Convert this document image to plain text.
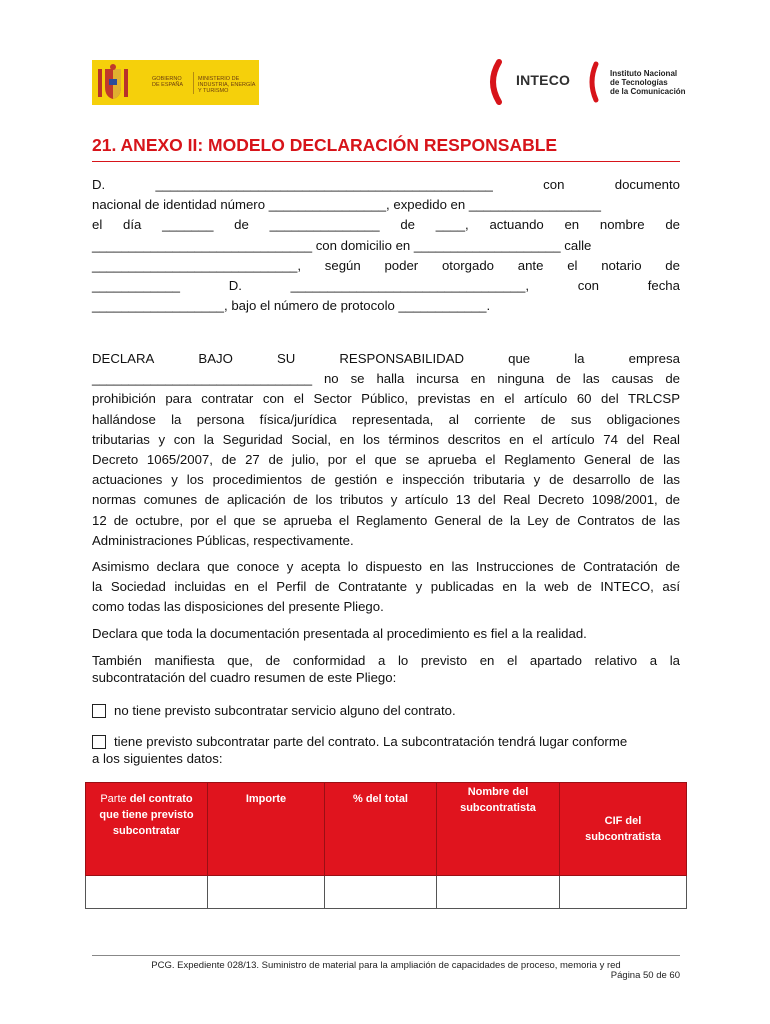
GOBIERNO DE ESPAÑA
MINISTERIO DE INDUSTRIA, ENERGÍA Y TURISMO
INTECO	Instituto Nacional
de Tecnologías
de la Comunicación
21. ANEXO II: MODELO DECLARACIÓN RESPONSABLE
D.	______________________________________________	con	documento
nacional de identidad número ________________, expedido en __________________
el día _______ de _______________ de ____, actuando en nombre de
______________________________ con domicilio en ____________________ calle
____________________________, según poder otorgado ante el notario de
____________	D.	________________________________,	con	fecha
__________________, bajo el número de protocolo ____________.
DECLARA	BAJO	SU	RESPONSABILIDAD	que	la	empresa
______________________________ no se halla incursa en ninguna de las causas de
prohibición para contratar con el Sector Público, previstas en el artículo 60 del TRLCSP
hallándose la persona física/jurídica representada, al corriente de sus obligaciones
tributarias y con la Seguridad Social, en los términos descritos en el artículo 74 del Real
Decreto 1065/2007, de 27 de julio, por el que se aprueba el Reglamento General de las
actuaciones y los procedimientos de gestión e inspección tributaria y de desarrollo de las
normas comunes de aplicación de los tributos y artículo 13 del Real Decreto 1098/2001, de
12 de octubre, por el que se aprueba el Reglamento General de la Ley de Contratos de las
Administraciones Públicas, respectivamente.
Asimismo declara que conoce y acepta lo dispuesto en las Instrucciones de Contratación de
la Sociedad incluidas en el Perfil de Contratante y publicadas en la web de INTECO, así
como todas las disposiciones del presente Pliego.
Declara que toda la documentación presentada al procedimiento es fiel a la realidad.
También manifiesta que, de conformidad a lo previsto en el apartado relativo a la
subcontratación del cuadro resumen de este Pliego:
no tiene previsto subcontratar servicio alguno del contrato.
tiene previsto subcontratar parte del contrato. La subcontratación tendrá lugar conforme
a los siguientes datos:
Parte del contrato que tiene previsto subcontratar	Importe	% del total	Nombre del subcontratista	CIF del subcontratista

PCG. Expediente 028/13. Suministro de material para la ampliación de capacidades de proceso, memoria y red
Página 50 de 60
